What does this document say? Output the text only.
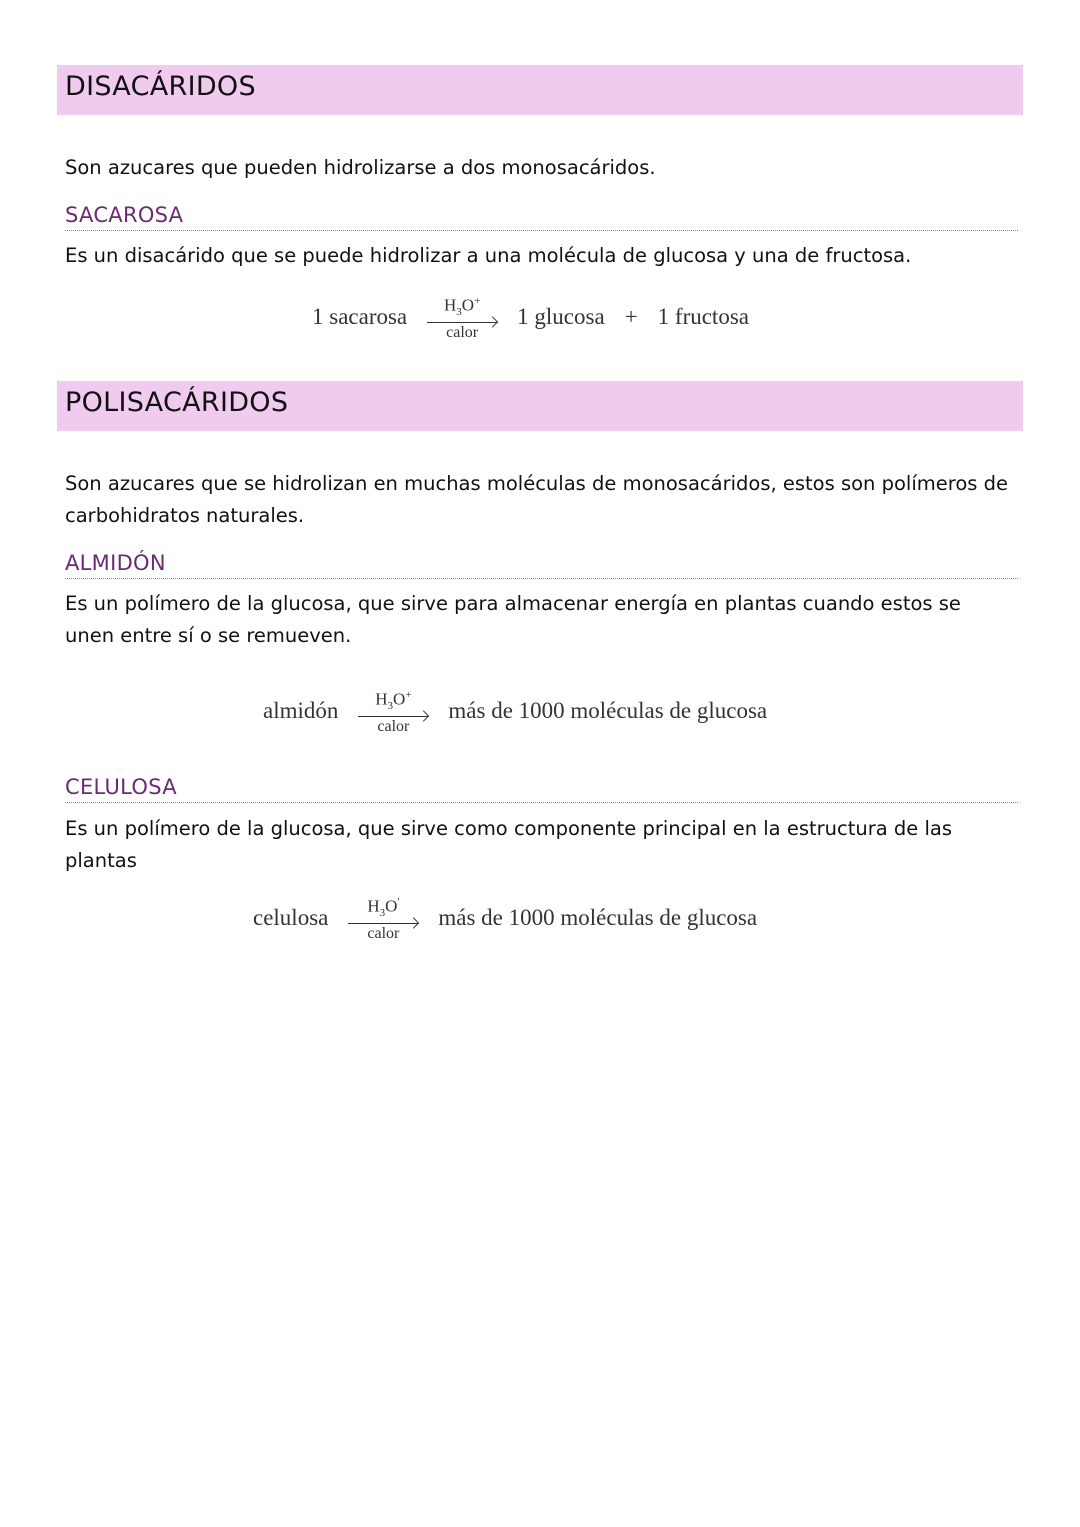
DISACÁRIDOS
Son azucares que pueden hidrolizarse a dos monosacáridos.
SACAROSA
Es un disacárido que se puede hidrolizar a una molécula de glucosa y una de fructosa.
1 sacarosa $H_3O^+$
calor
1 glucosa + 1 fructosa
POLISACÁRIDOS
Son azucares que se hidrolizan en muchas moléculas de monosacáridos, estos son polímeros de carbohidratos naturales.
ALMIDÓN
Es un polímero de la glucosa, que sirve para almacenar energía en plantas cuando estos se unen entre sí o se remueven.
almidón $H_3O^+$
calor
más de 1000 moléculas de glucosa
CELULOSA
Es un polímero de la glucosa, que sirve como componente principal en la estructura de las plantas
celulosa $H_3O'$
calor
más de 1000 moléculas de glucosa
